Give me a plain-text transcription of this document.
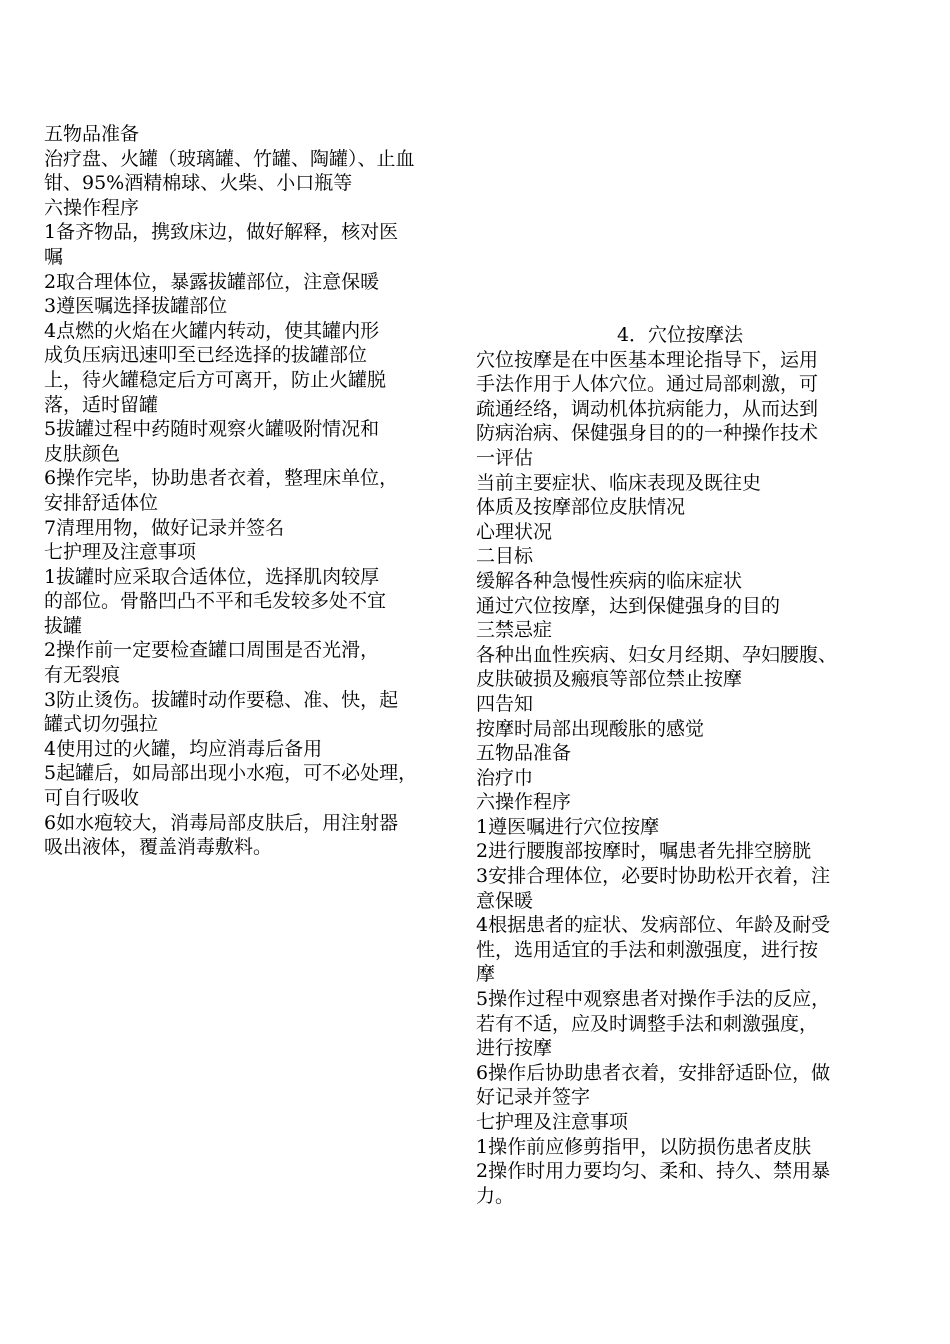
五物品准备
治疗盘、火罐（玻璃罐、竹罐、陶罐）、止血
钳、95%酒精棉球、火柴、小口瓶等
六操作程序
1备齐物品，携致床边，做好解释，核对医
嘱
2取合理体位，暴露拔罐部位，注意保暖
3遵医嘱选择拔罐部位
4点燃的火焰在火罐内转动，使其罐内形
成负压病迅速叩至已经选择的拔罐部位
上，待火罐稳定后方可离开，防止火罐脱
落，适时留罐
5拔罐过程中药随时观察火罐吸附情况和
皮肤颜色
6操作完毕，协助患者衣着，整理床单位，
安排舒适体位
7清理用物，做好记录并签名
七护理及注意事项
1拔罐时应采取合适体位，选择肌肉较厚
的部位。骨骼凹凸不平和毛发较多处不宜
拔罐
2操作前一定要检查罐口周围是否光滑，
有无裂痕
3防止烫伤。拔罐时动作要稳、准、快，起
罐式切勿强拉
4使用过的火罐，均应消毒后备用
5起罐后，如局部出现小水疱，可不必处理，
可自行吸收
6如水疱较大，消毒局部皮肤后，用注射器
吸出液体，覆盖消毒敷料。
4．穴位按摩法
穴位按摩是在中医基本理论指导下，运用
手法作用于人体穴位。通过局部刺激，可
疏通经络，调动机体抗病能力，从而达到
防病治病、保健强身目的的一种操作技术
一评估
当前主要症状、临床表现及既往史
体质及按摩部位皮肤情况
心理状况
二目标
缓解各种急慢性疾病的临床症状
通过穴位按摩，达到保健强身的目的
三禁忌症
各种出血性疾病、妇女月经期、孕妇腰腹、
皮肤破损及瘢痕等部位禁止按摩
四告知
按摩时局部出现酸胀的感觉
五物品准备
治疗巾
六操作程序
1遵医嘱进行穴位按摩
2进行腰腹部按摩时，嘱患者先排空膀胱
3安排合理体位，必要时协助松开衣着，注
意保暖
4根据患者的症状、发病部位、年龄及耐受
性，选用适宜的手法和刺激强度，进行按
摩
5操作过程中观察患者对操作手法的反应，
若有不适，应及时调整手法和刺激强度，
进行按摩
6操作后协助患者衣着，安排舒适卧位，做
好记录并签字
七护理及注意事项
1操作前应修剪指甲，以防损伤患者皮肤
2操作时用力要均匀、柔和、持久、禁用暴
力。
